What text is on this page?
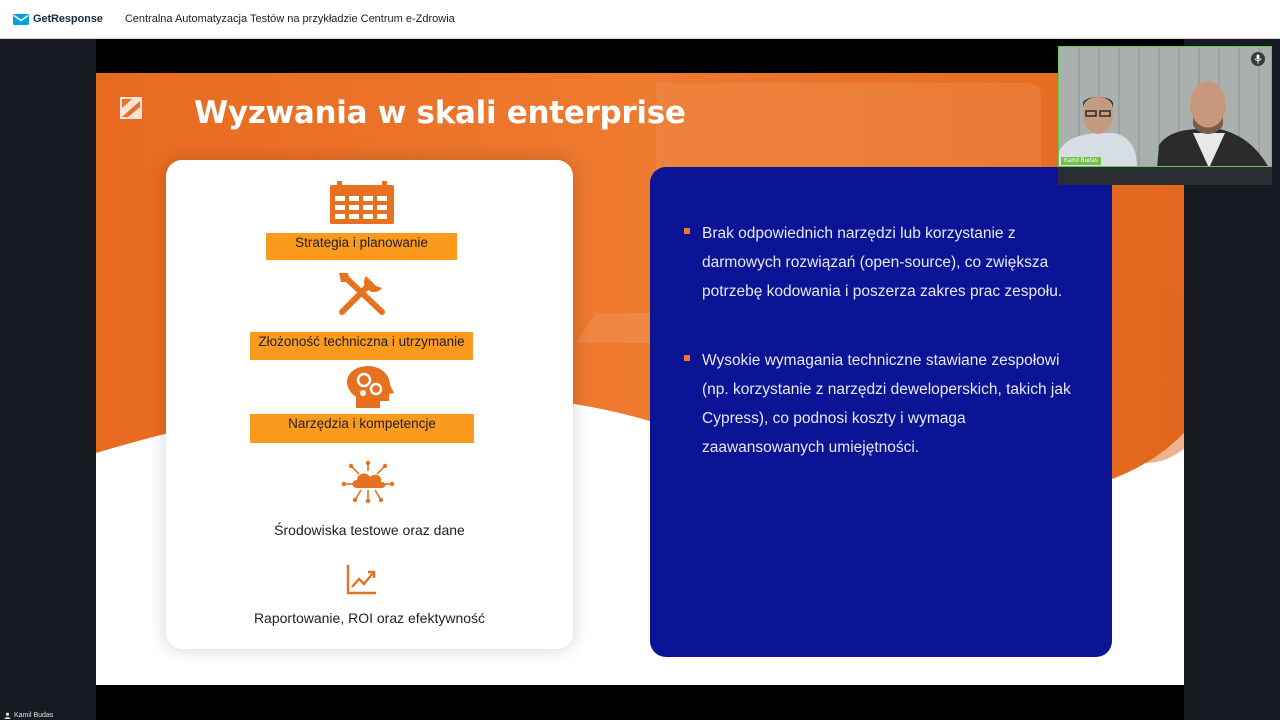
GetResponse Centralna Automatyzacja Testów na przykładzie Centrum e-Zdrowia
Wyzwania w skali enterprise
Strategia i planowanie
Złożoność techniczna i utrzymanie
Narzędzia i kompetencje
Środowiska testowe oraz dane
Raportowanie, ROI oraz efektywność

Brak odpowiednich narzędzi lub korzystanie z darmowych rozwiązań (open-source), co zwiększa potrzebę kodowania i poszerza zakres prac zespołu.

Wysokie wymagania techniczne stawiane zespołowi (np. korzystanie z narzędzi deweloperskich, takich jak Cypress), co podnosi koszty i wymaga zaawansowanych umiejętności.

Kamil Budas
Kamil Budas
